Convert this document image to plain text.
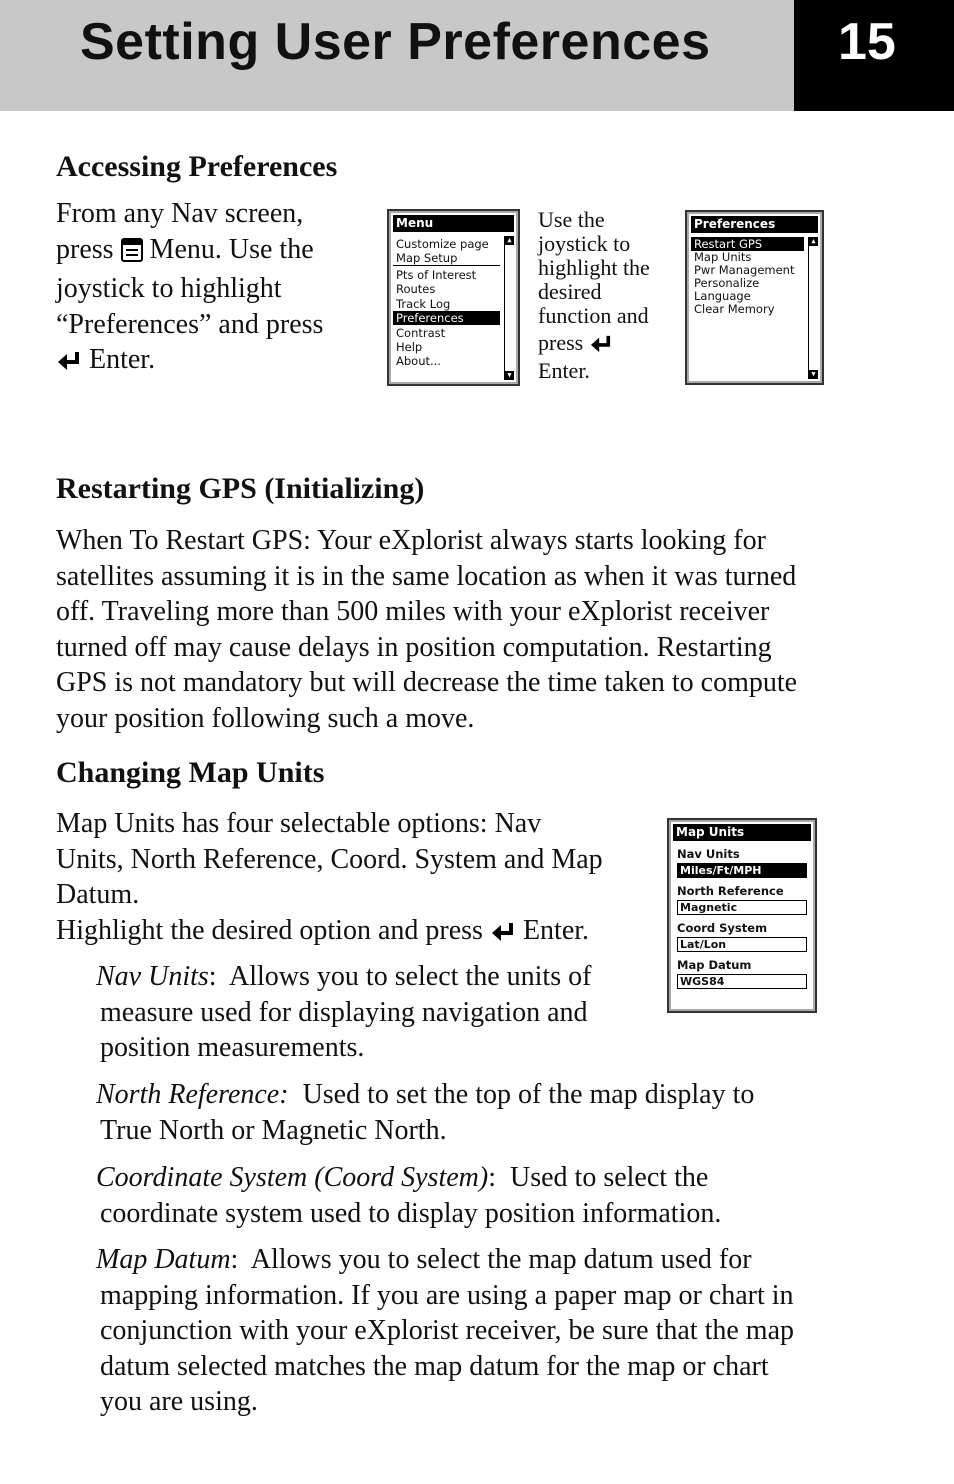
Setting User Preferences 15
Accessing Preferences
From any Nav screen,
press Menu. Use the
joystick to highlight
“Preferences” and press
Enter.
Menu
Customize page
Map Setup
Pts of Interest
Routes
Track Log
Preferences
Contrast
Help
About...
▲
▼
Use the
joystick to
highlight the
desired
function and
press
Enter.
Preferences
Restart GPS
Map Units
Pwr Management
Personalize
Language
Clear Memory
▲
▼
Restarting GPS (Initializing)
When To Restart GPS: Your eXplorist always starts looking for
satellites assuming it is in the same location as when it was turned
off. Traveling more than 500 miles with your eXplorist receiver
turned off may cause delays in position computation. Restarting
GPS is not mandatory but will decrease the time taken to compute
your position following such a move.
Changing Map Units
Map Units has four selectable options: Nav
Units, North Reference, Coord. System and Map
Datum.
Highlight the desired option and press Enter.
Map Units
Nav Units
Miles/Ft/MPH
North Reference
Magnetic
Coord System
Lat/Lon
Map Datum
WGS84
Nav Units:  Allows you to select the units of
measure used for displaying navigation and
position measurements.
North Reference: Used to set the top of the map display to
True North or Magnetic North.
Coordinate System (Coord System):  Used to select the
coordinate system used to display position information.
Map Datum:  Allows you to select the map datum used for
mapping information. If you are using a paper map or chart in
conjunction with your eXplorist receiver, be sure that the map
datum selected matches the map datum for the map or chart
you are using.
